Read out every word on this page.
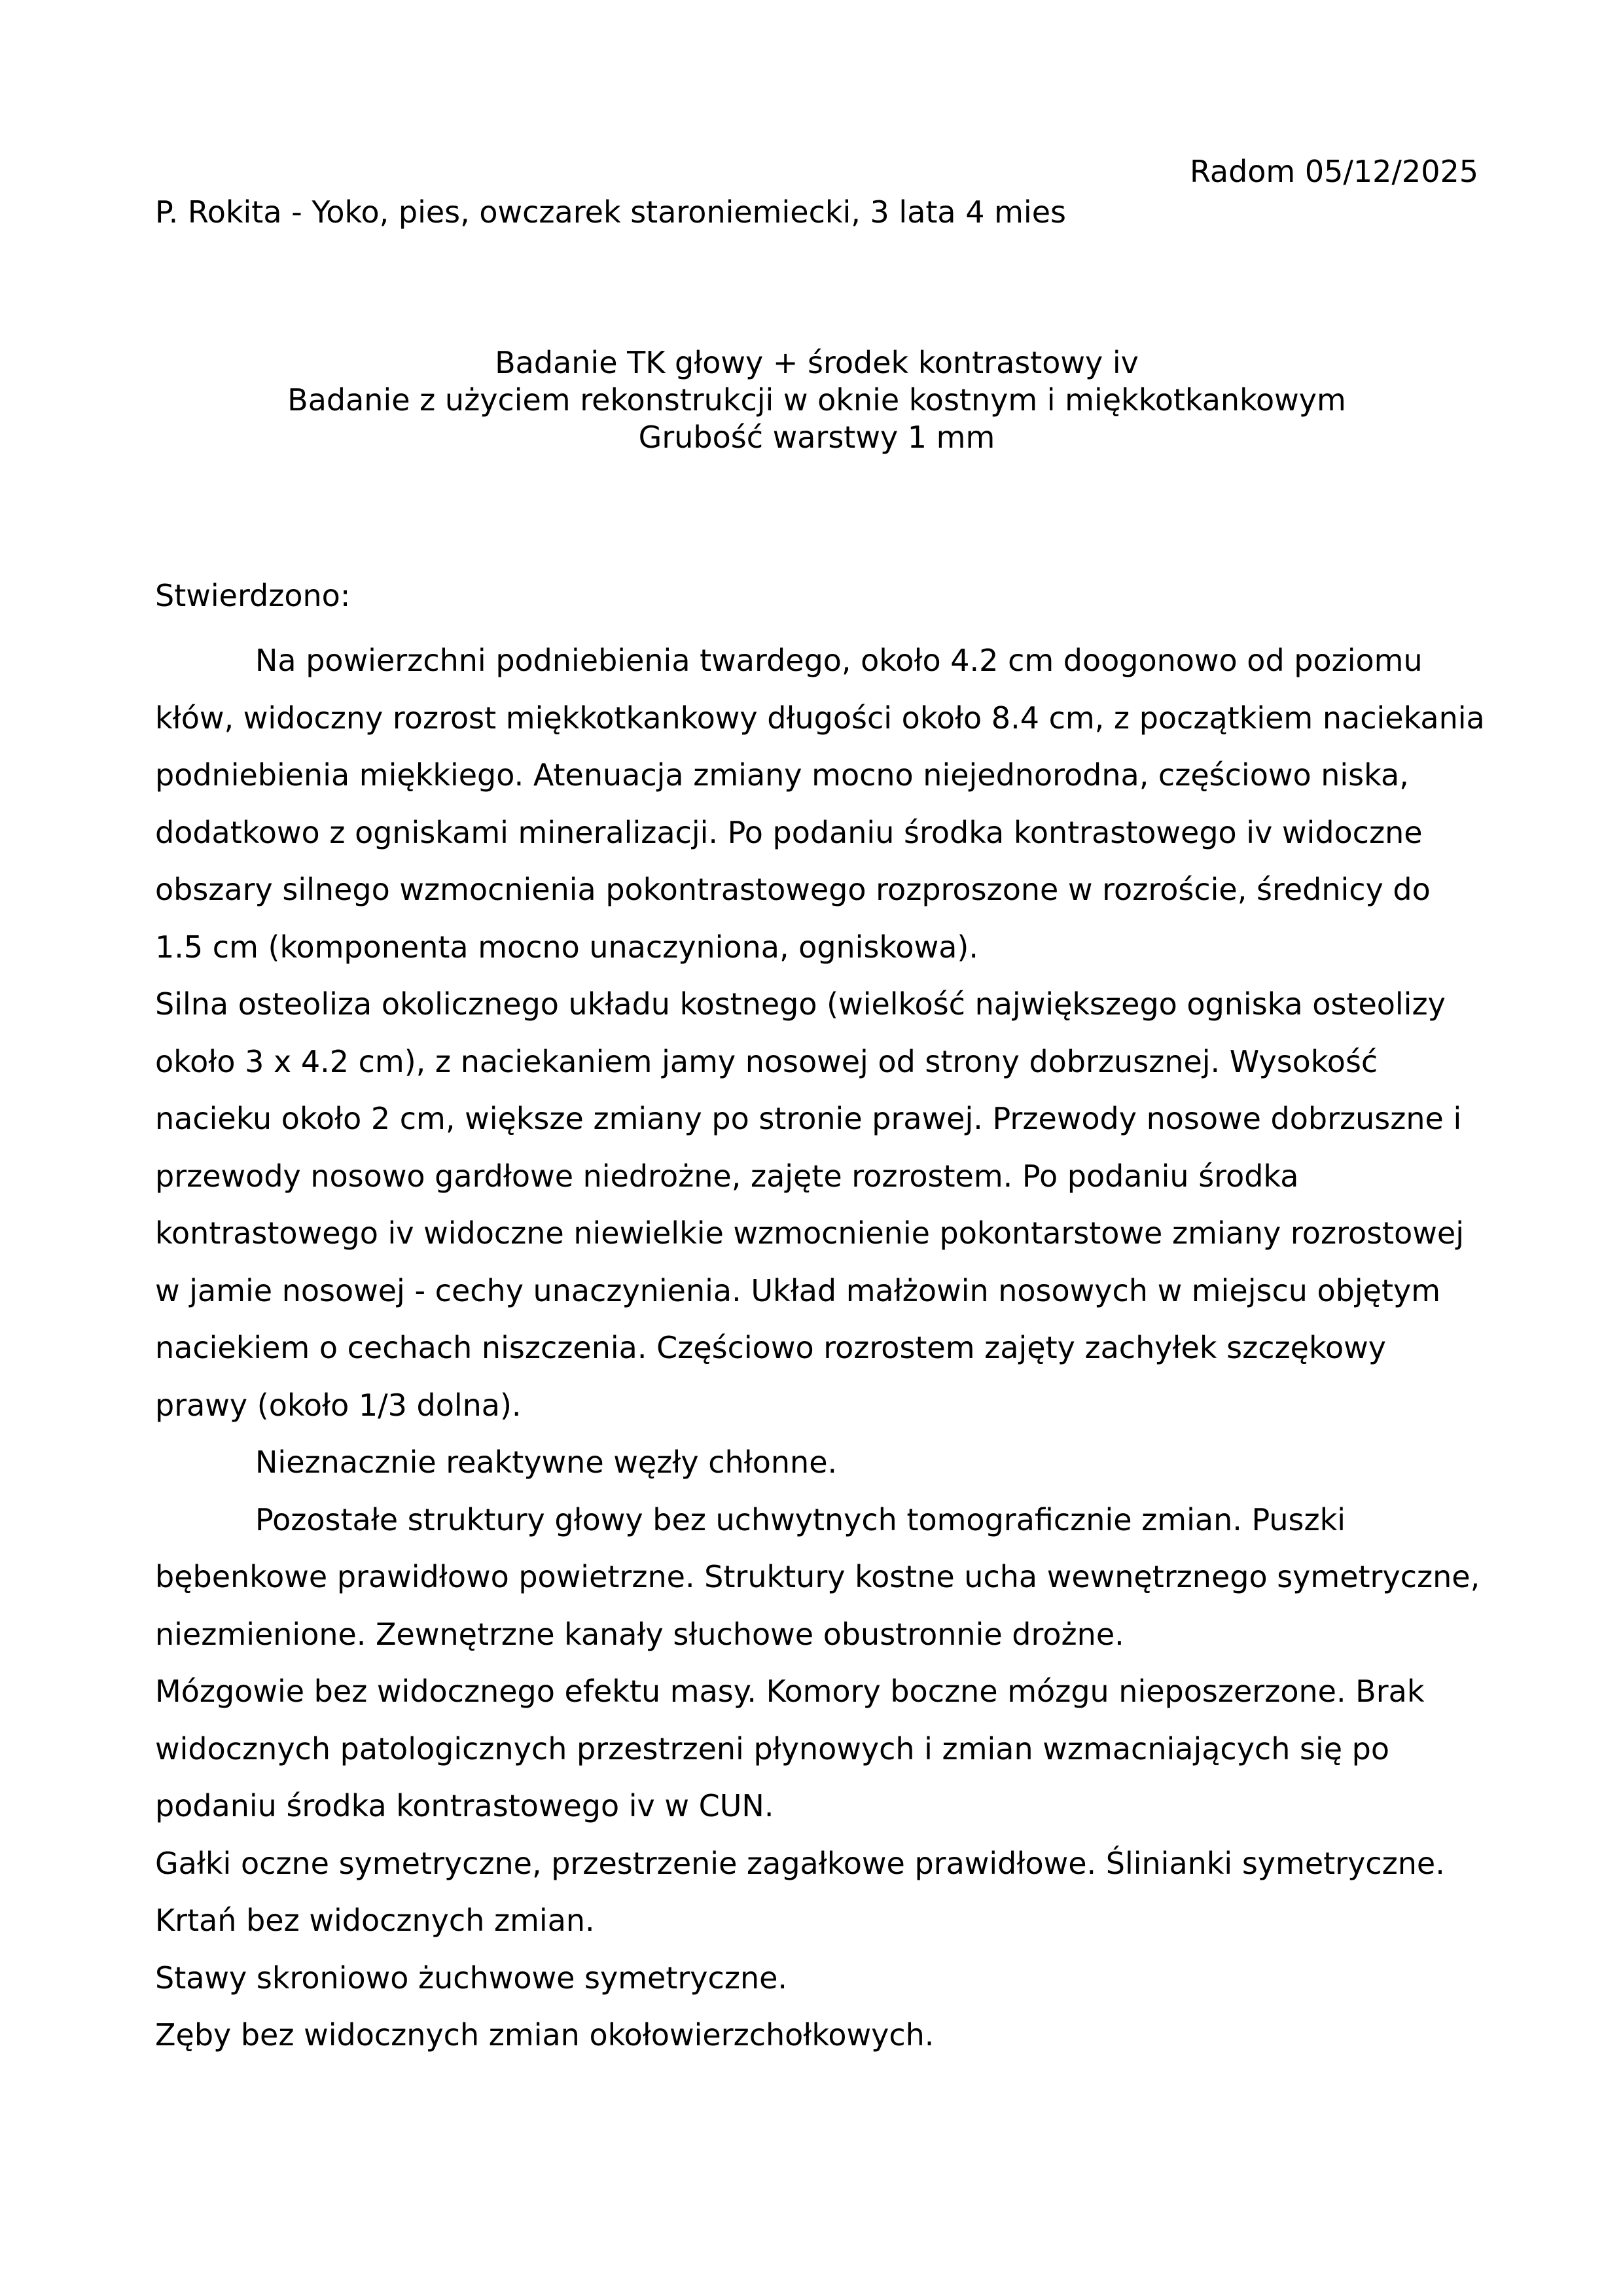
Radom 05/12/2025
P. Rokita - Yoko, pies, owczarek staroniemiecki, 3 lata 4 mies
Badanie TK głowy + środek kontrastowy iv
Badanie z użyciem rekonstrukcji w oknie kostnym i miękkotkankowym
Grubość warstwy 1 mm
Stwierdzono:

Na powierzchni podniebienia twardego, około 4.2 cm doogonowo od poziomu kłów, widoczny rozrost miękkotkankowy długości około 8.4 cm, z początkiem naciekania podniebienia miękkiego. Atenuacja zmiany mocno niejednorodna, częściowo niska, dodatkowo z ogniskami mineralizacji. Po podaniu środka kontrastowego iv widoczne obszary silnego wzmocnienia pokontrastowego rozproszone w rozroście, średnicy do 1.5 cm (komponenta mocno unaczyniona, ogniskowa).

Silna osteoliza okolicznego układu kostnego (wielkość największego ogniska osteolizy około 3 x 4.2 cm), z naciekaniem jamy nosowej od strony dobrzusznej. Wysokość nacieku około 2 cm, większe zmiany po stronie prawej. Przewody nosowe dobrzuszne i przewody nosowo gardłowe niedrożne, zajęte rozrostem. Po podaniu środka kontrastowego iv widoczne niewielkie wzmocnienie pokontarstowe zmiany rozrostowej w jamie nosowej - cechy unaczynienia. Układ małżowin nosowych w miejscu objętym naciekiem o cechach niszczenia. Częściowo rozrostem zajęty zachyłek szczękowy prawy (około 1/3 dolna).

Nieznacznie reaktywne węzły chłonne.

Pozostałe struktury głowy bez uchwytnych tomograficznie zmian. Puszki bębenkowe prawidłowo powietrzne. Struktury kostne ucha wewnętrznego symetryczne, niezmienione. Zewnętrzne kanały słuchowe obustronnie drożne.

Mózgowie bez widocznego efektu masy. Komory boczne mózgu nieposzerzone. Brak widocznych patologicznych przestrzeni płynowych i zmian wzmacniających się po podaniu środka kontrastowego iv w CUN.

Gałki oczne symetryczne, przestrzenie zagałkowe prawidłowe. Ślinianki symetryczne.

Krtań bez widocznych zmian.

Stawy skroniowo żuchwowe symetryczne.

Zęby bez widocznych zmian okołowierzchołkowych.
